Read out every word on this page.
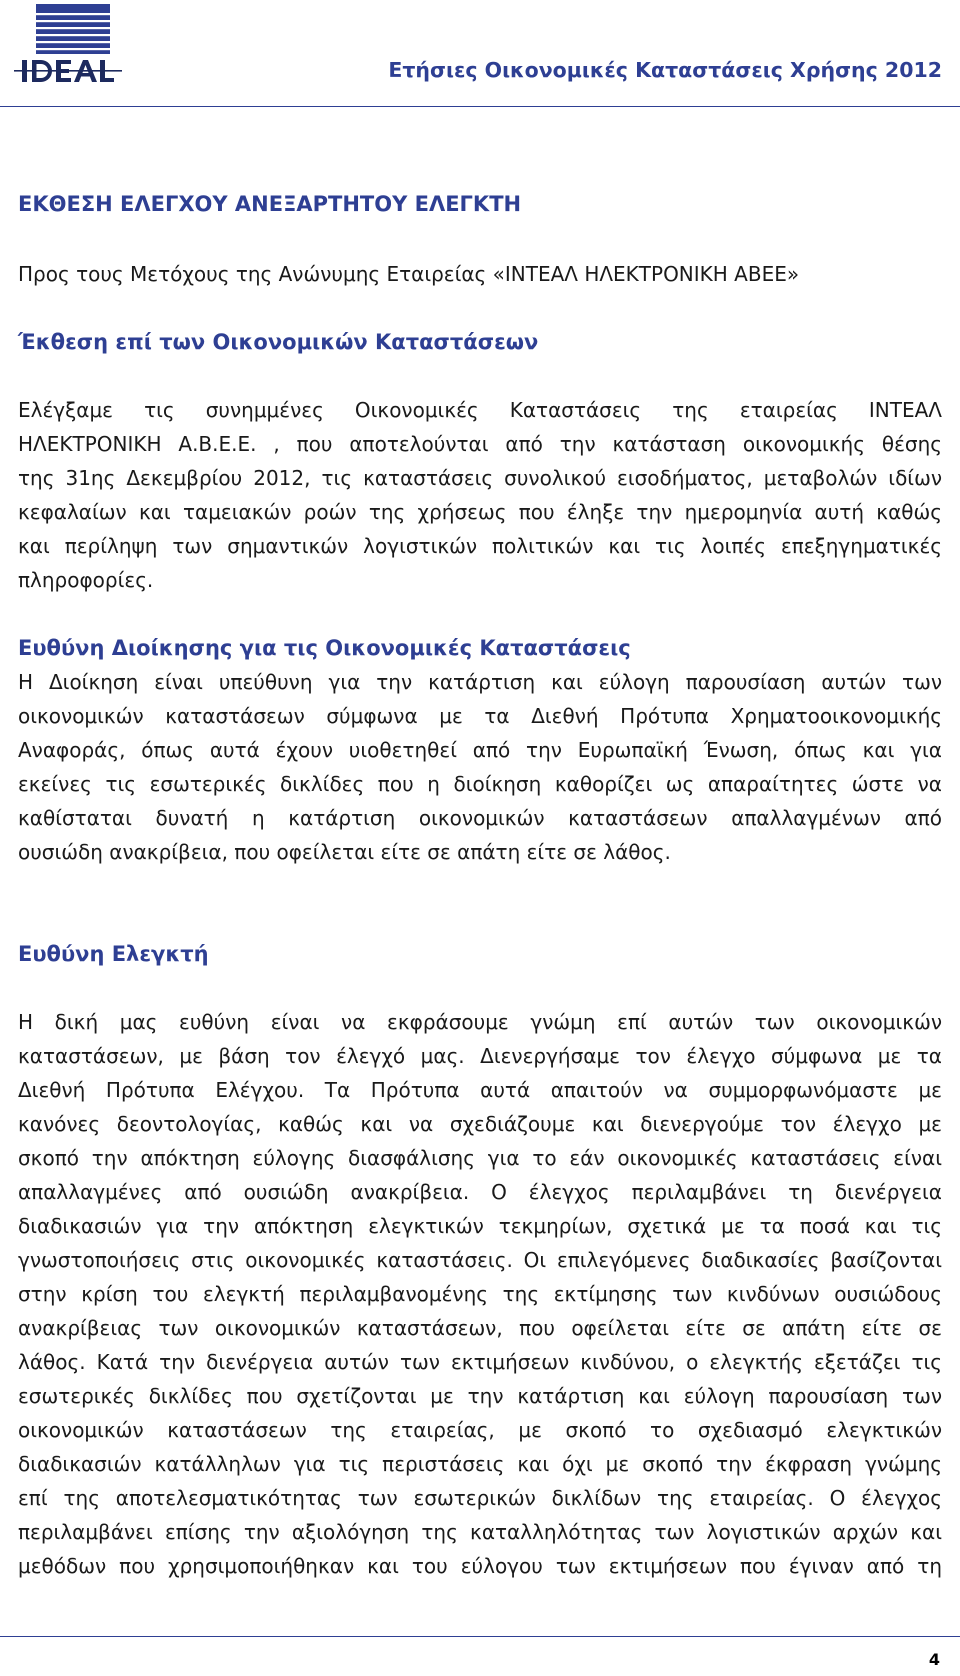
Ετήσιες Οικονομικές Καταστάσεις Χρήσης 2012
ΕΚΘΕΣΗ ΕΛΕΓΧΟΥ ΑΝΕΞΑΡΤΗΤΟΥ ΕΛΕΓΚΤΗ
Προς τους Μετόχους της Ανώνυμης Εταιρείας «ΙΝΤΕΑΛ ΗΛΕΚΤΡΟΝΙΚΗ ΑΒΕΕ»
Έκθεση επί των Οικονομικών Καταστάσεων
Ελέγξαμε τις συνημμένες Οικονομικές Καταστάσεις της εταιρείας ΙΝΤΕΑΛ
ΗΛΕΚΤΡΟΝΙΚΗ Α.Β.Ε.Ε. , που αποτελούνται από την κατάσταση οικονομικής θέσης
της 31ης Δεκεμβρίου 2012, τις καταστάσεις συνολικού εισοδήματος, μεταβολών ιδίων
κεφαλαίων και ταμειακών ροών της χρήσεως που έληξε την ημερομηνία αυτή καθώς
και περίληψη των σημαντικών λογιστικών πολιτικών και τις λοιπές επεξηγηματικές
πληροφορίες.
Ευθύνη Διοίκησης για τις Οικονομικές Καταστάσεις
Η Διοίκηση είναι υπεύθυνη για την κατάρτιση και εύλογη παρουσίαση αυτών των
οικονομικών καταστάσεων σύμφωνα με τα Διεθνή Πρότυπα Χρηματοοικονομικής
Αναφοράς, όπως αυτά έχουν υιοθετηθεί από την Ευρωπαϊκή Ένωση, όπως και για
εκείνες τις εσωτερικές δικλίδες που η διοίκηση καθορίζει ως απαραίτητες ώστε να
καθίσταται δυνατή η κατάρτιση οικονομικών καταστάσεων απαλλαγμένων από
ουσιώδη ανακρίβεια, που οφείλεται είτε σε απάτη είτε σε λάθος.
Ευθύνη Ελεγκτή
Η δική μας ευθύνη είναι να εκφράσουμε γνώμη επί αυτών των οικονομικών
καταστάσεων, με βάση τον έλεγχό μας. Διενεργήσαμε τον έλεγχο σύμφωνα με τα
Διεθνή Πρότυπα Ελέγχου. Τα Πρότυπα αυτά απαιτούν να συμμορφωνόμαστε με
κανόνες δεοντολογίας, καθώς και να σχεδιάζουμε και διενεργούμε τον έλεγχο με
σκοπό την απόκτηση εύλογης διασφάλισης για το εάν οικονομικές καταστάσεις είναι
απαλλαγμένες από ουσιώδη ανακρίβεια. Ο έλεγχος περιλαμβάνει τη διενέργεια
διαδικασιών για την απόκτηση ελεγκτικών τεκμηρίων, σχετικά με τα ποσά και τις
γνωστοποιήσεις στις οικονομικές καταστάσεις. Οι επιλεγόμενες διαδικασίες βασίζονται
στην κρίση του ελεγκτή περιλαμβανομένης της εκτίμησης των κινδύνων ουσιώδους
ανακρίβειας των οικονομικών καταστάσεων, που οφείλεται είτε σε απάτη είτε σε
λάθος. Κατά την διενέργεια αυτών των εκτιμήσεων κινδύνου, ο ελεγκτής εξετάζει τις
εσωτερικές δικλίδες που σχετίζονται με την κατάρτιση και εύλογη παρουσίαση των
οικονομικών καταστάσεων της εταιρείας, με σκοπό το σχεδιασμό ελεγκτικών
διαδικασιών κατάλληλων για τις περιστάσεις και όχι με σκοπό την έκφραση γνώμης
επί της αποτελεσματικότητας των εσωτερικών δικλίδων της εταιρείας. Ο έλεγχος
περιλαμβάνει επίσης την αξιολόγηση της καταλληλότητας των λογιστικών αρχών και
μεθόδων που χρησιμοποιήθηκαν και του εύλογου των εκτιμήσεων που έγιναν από τη
4
